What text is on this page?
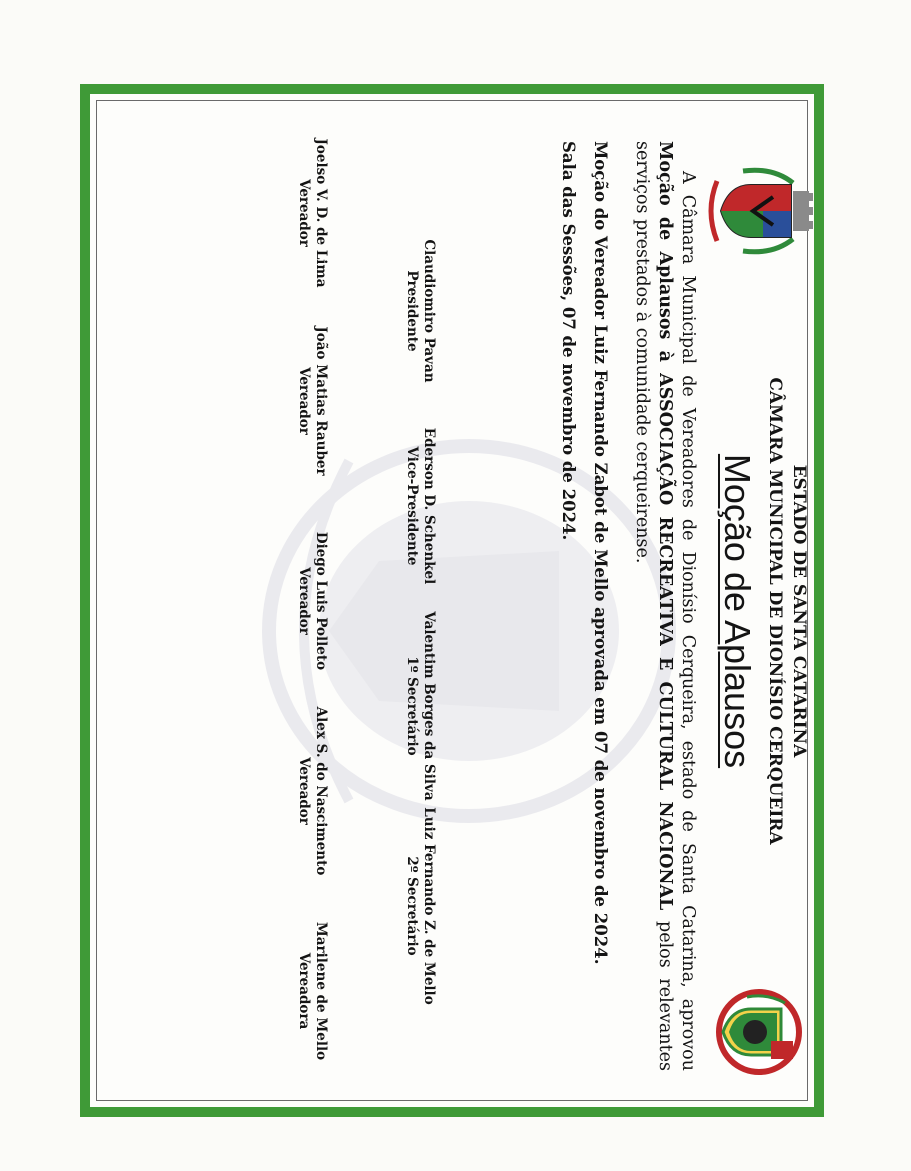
ESTADO DE SANTA CATARINA
CÂMARA MUNICIPAL DE DIONÍSIO CERQUEIRA
Moção de Aplausos

A Câmara Municipal de Vereadores de Dionísio Cerqueira, estado de Santa Catarina, aprovou Moção de Aplausos à ASSOCIAÇÃO RECREATIVA E CULTURAL NACIONAL pelos relevantes serviços prestados à comunidade cerqueirense.

Moção do Vereador Luiz Fernando Zabot de Mello aprovada em 07 de novembro de 2024.
Sala das Sessões, 07 de novembro de 2024.
Claudiomiro Pavan
Presidente
Ederson D. Schenkel
Vice-Presidente
Valentim Borges da Silva
1º Secretário
Luiz Fernando Z. de Mello
2º Secretário
Joelso V. D. de Lima
Vereador
João Matias Rauber
Vereador
Diego Luis Polleto
Vereador
Alex S. do Nascimento
Vereador
Marilene de Mello
Vereadora
